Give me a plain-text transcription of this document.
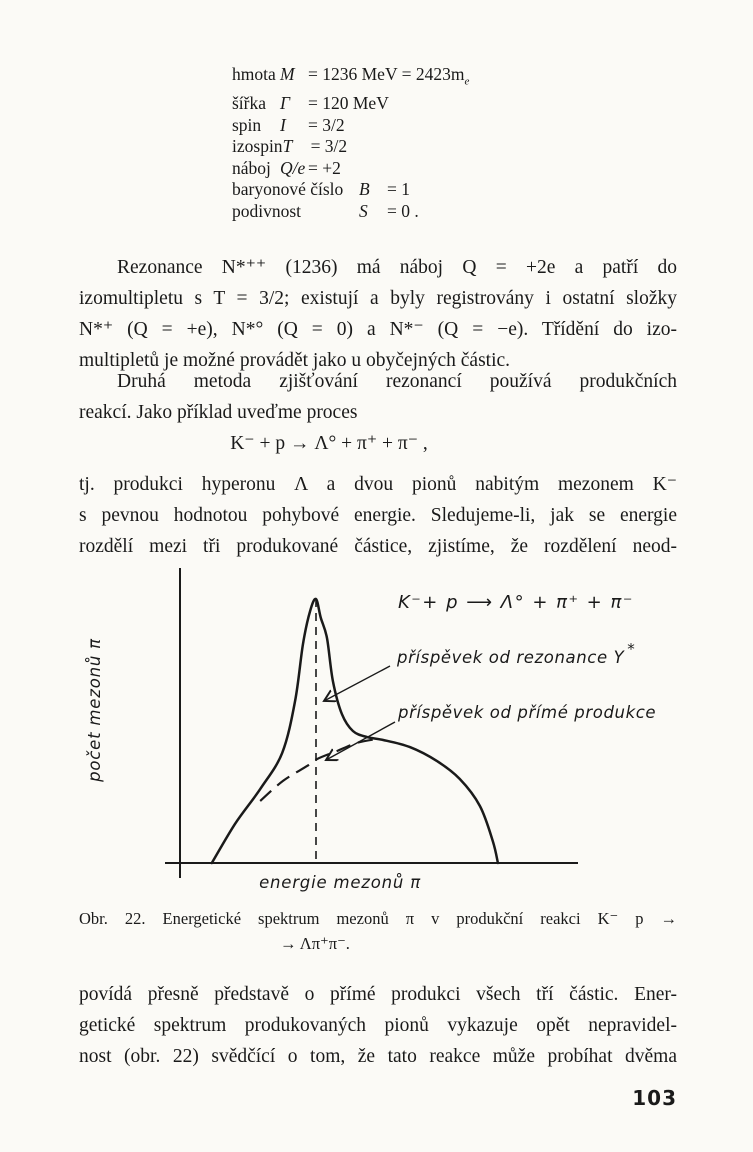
hmota M = 1236 MeV = $2423m_e$
šířka Γ	= 120 MeV
spin	I	= 3/2
izospin T	= 3/2
náboj Q/e = +2
baryonové číslo B = 1
podivnost	S	= 0 .
Rezonance N*⁺⁺ (1236) má náboj Q = +2e a patří do
izomultipletu s T = 3/2; existují a byly registrovány i ostatní složky
N*⁺ (Q = +e), N*° (Q = 0) a N*⁻ (Q = −e). Třídění do izo-
multipletů je možné provádět jako u obyčejných částic.
Druhá metoda zjišťování rezonancí používá produkčních
reakcí. Jako příklad uveďme proces
K⁻ + p → Λ° + π⁺ + π⁻ ,
tj. produkci hyperonu Λ a dvou pionů nabitým mezonem K⁻
s pevnou hodnotou pohybové energie. Sledujeme-li, jak se energie
rozdělí mezi tři produkované částice, zjistíme, že rozdělení neod-
K⁻+ p ⟶ Λ° + π⁺ + π⁻
příspěvek od rezonance Y *
příspěvek od přímé produkce
počet mezonů π
energie mezonů π
Obr. 22. Energetické spektrum mezonů π v produkční reakci K⁻ p →
→ Λπ⁺π⁻.
povídá přesně představě o přímé produkci všech tří částic. Ener-
getické spektrum produkovaných pionů vykazuje opět nepravidel-
nost (obr. 22) svědčící o tom, že tato reakce může probíhat dvěma
103
